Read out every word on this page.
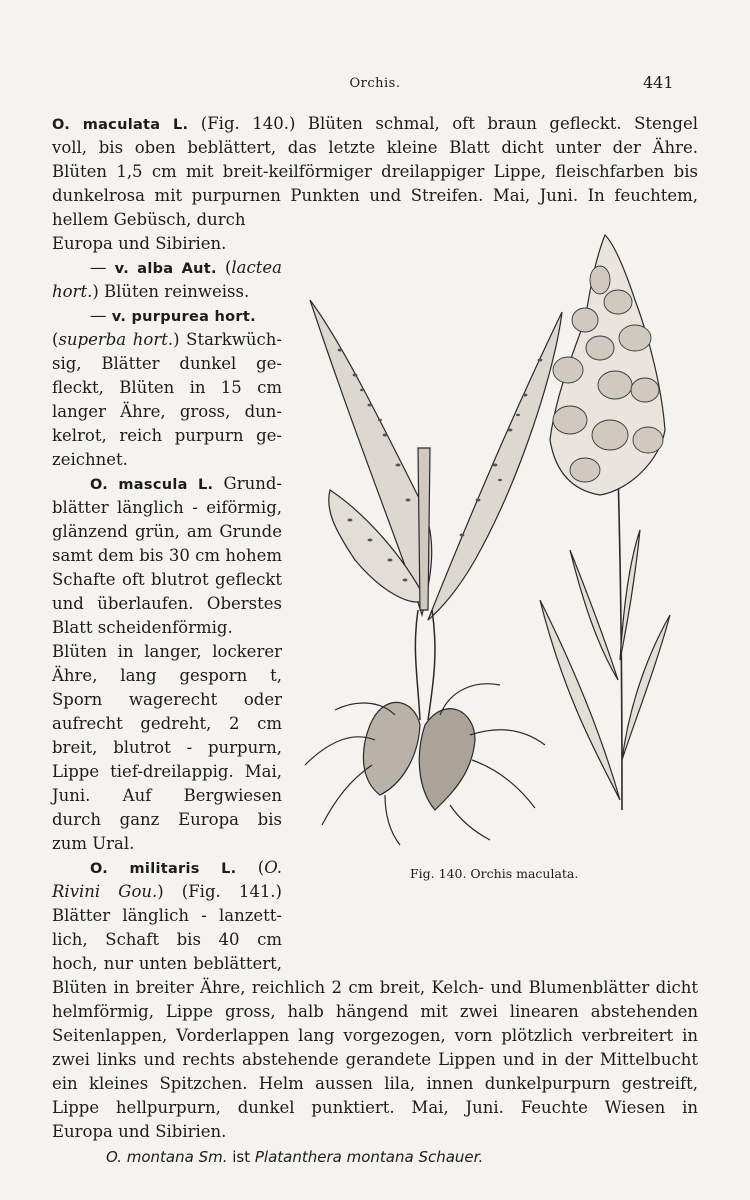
Orchis.	441
O. maculata L. (Fig. 140.) Blüten schmal, oft braun gefleckt. Stengel
voll, bis oben beblättert, das letzte kleine Blatt dicht unter der Ähre.
Blüten 1,5 cm mit breit-keilförmiger dreilappiger Lippe, fleischfarben bis
dunkelrosa mit purpurnen Punkten und Streifen. Mai, Juni. In feuchtem,
hellem Gebüsch, durch
Europa und Sibirien.
— v. alba Aut. (lactea
hort.) Blüten reinweiss.
— v. purpurea hort.
(superba hort.) Starkwüch-
sig, Blätter dunkel ge-
fleckt, Blüten in 15 cm
langer Ähre, gross, dun-
kelrot, reich purpurn ge-
zeichnet.
O. mascula L. Grund-
blätter länglich - eiförmig,
glänzend grün, am Grunde
samt dem bis 30 cm hohem
Schafte oft blutrot gefleckt
und überlaufen. Oberstes
Blatt scheidenförmig.
Blüten in langer, lockerer
Ähre, lang gesporn t,
Sporn wagerecht oder
aufrecht gedreht, 2 cm
breit, blutrot - purpurn,
Lippe tief-dreilappig. Mai,
Juni. Auf Bergwiesen
durch ganz Europa bis
zum Ural.
O. militaris L. (O.
Rivini Gou.) (Fig. 141.)
Blätter länglich - lanzett-
lich, Schaft bis 40 cm
hoch, nur unten beblättert,
Blüten in breiter Ähre, reichlich 2 cm breit, Kelch- und Blumenblätter dicht
helmförmig, Lippe gross, halb hängend mit zwei linearen abstehenden
Seitenlappen, Vorderlappen lang vorgezogen, vorn plötzlich verbreitert in
zwei links und rechts abstehende gerandete Lippen und in der Mittelbucht
ein kleines Spitzchen. Helm aussen lila, innen dunkelpurpurn gestreift,
Lippe hellpurpurn, dunkel punktiert. Mai, Juni. Feuchte Wiesen in
Europa und Sibirien.
O. montana Sm. ist Platanthera montana Schauer.
Fig. 140. Orchis maculata.
